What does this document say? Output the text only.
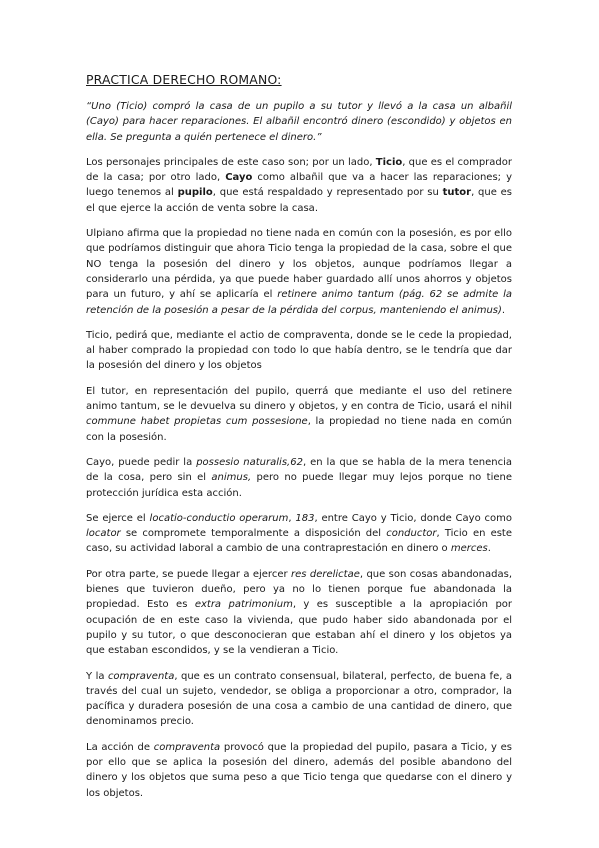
PRACTICA DERECHO ROMANO:

“Uno (Ticio) compró la casa de un pupilo a su tutor y llevó a la casa un albañil (Cayo) para hacer reparaciones. El albañil encontró dinero (escondido) y objetos en ella. Se pregunta a quién pertenece el dinero.”

Los personajes principales de este caso son; por un lado, Ticio, que es el comprador de la casa; por otro lado, Cayo como albañil que va a hacer las reparaciones; y luego tenemos al pupilo, que está respaldado y representado por su tutor, que es el que ejerce la acción de venta sobre la casa.

Ulpiano afirma que la propiedad no tiene nada en común con la posesión, es por ello que podríamos distinguir que ahora Ticio tenga la propiedad de la casa, sobre el que NO tenga la posesión del dinero y los objetos, aunque podríamos llegar a considerarlo una pérdida, ya que puede haber guardado allí unos ahorros y objetos para un futuro, y ahí se aplicaría el retinere animo tantum (pág. 62 se admite la retención de la posesión a pesar de la pérdida del corpus, manteniendo el animus).

Ticio, pedirá que, mediante el actio de compraventa, donde se le cede la propiedad, al haber comprado la propiedad con todo lo que había dentro, se le tendría que dar la posesión del dinero y los objetos

El tutor, en representación del pupilo, querrá que mediante el uso del retinere animo tantum, se le devuelva su dinero y objetos, y en contra de Ticio, usará el nihil commune habet propietas cum possesione, la propiedad no tiene nada en común con la posesión.

Cayo, puede pedir la possesio naturalis,62, en la que se habla de la mera tenencia de la cosa, pero sin el animus, pero no puede llegar muy lejos porque no tiene protección jurídica esta acción.

Se ejerce el locatio-conductio operarum, 183, entre Cayo y Ticio, donde Cayo como locator se compromete temporalmente a disposición del conductor, Ticio en este caso, su actividad laboral a cambio de una contraprestación en dinero o merces.

Por otra parte, se puede llegar a ejercer res derelictae, que son cosas abandonadas, bienes que tuvieron dueño, pero ya no lo tienen porque fue abandonada la propiedad. Esto es extra patrimonium, y es susceptible a la apropiación por ocupación de en este caso la vivienda, que pudo haber sido abandonada por el pupilo y su tutor, o que desconocieran que estaban ahí el dinero y los objetos ya que estaban escondidos, y se la vendieran a Ticio.

Y la compraventa, que es un contrato consensual, bilateral, perfecto, de buena fe, a través del cual un sujeto, vendedor, se obliga a proporcionar a otro, comprador, la pacífica y duradera posesión de una cosa a cambio de una cantidad de dinero, que denominamos precio.

La acción de compraventa provocó que la propiedad del pupilo, pasara a Ticio, y es por ello que se aplica la posesión del dinero, además del posible abandono del dinero y los objetos que suma peso a que Ticio tenga que quedarse con el dinero y los objetos.
